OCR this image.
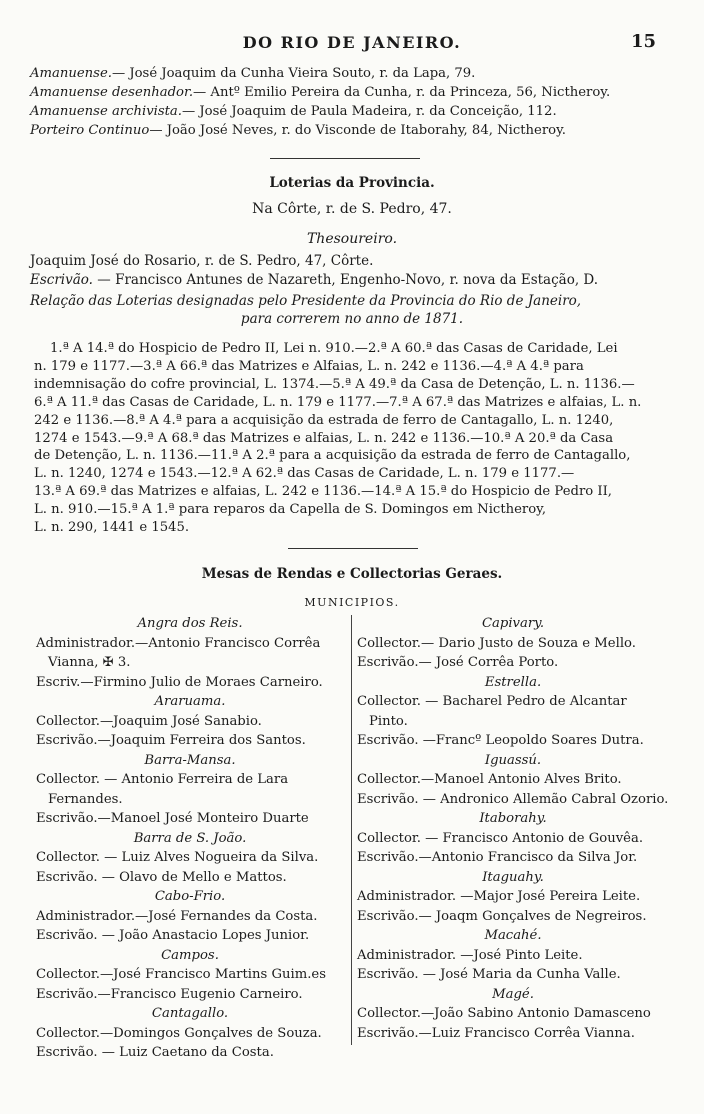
DO RIO DE JANEIRO.	15
Amanuense.— José Joaquim da Cunha Vieira Souto, r. da Lapa, 79.
Amanuense desenhador.— Antº Emilio Pereira da Cunha, r. da Princeza, 56, Nictheroy.
Amanuense archivista.— José Joaquim de Paula Madeira, r. da Conceição, 112.
Porteiro Continuo— João José Neves, r. do Visconde de Itaborahy, 84, Nictheroy.
Loterias da Provincia.
Na Côrte, r. de S. Pedro, 47.
Thesoureiro.
Joaquim José do Rosario, r. de S. Pedro, 47, Côrte.
Escrivão. — Francisco Antunes de Nazareth, Engenho-Novo, r. nova da Estação, D.
Relação das Loterias designadas pelo Presidente da Provincia do Rio de Janeiro,
para correrem no anno de 1871.
1.ª A 14.ª do Hospicio de Pedro II, Lei n. 910.—2.ª A 60.ª das Casas de Caridade, Lei
n. 179 e 1177.—3.ª A 66.ª das Matrizes e Alfaias, L. n. 242 e 1136.—4.ª A 4.ª para
indemnisação do cofre provincial, L. 1374.—5.ª A 49.ª da Casa de Detenção, L. n. 1136.—
6.ª A 11.ª das Casas de Caridade, L. n. 179 e 1177.—7.ª A 67.ª das Matrizes e alfaias, L. n.
242 e 1136.—8.ª A 4.ª para a acquisição da estrada de ferro de Cantagallo, L. n. 1240,
1274 e 1543.—9.ª A 68.ª das Matrizes e alfaias, L. n. 242 e 1136.—10.ª A 20.ª da Casa
de Detenção, L. n. 1136.—11.ª A 2.ª para a acquisição da estrada de ferro de Cantagallo,
L. n. 1240, 1274 e 1543.—12.ª A 62.ª das Casas de Caridade, L. n. 179 e 1177.—
13.ª A 69.ª das Matrizes e alfaias, L. 242 e 1136.—14.ª A 15.ª do Hospicio de Pedro II,
L. n. 910.—15.ª A 1.ª para reparos da Capella de S. Domingos em Nictheroy,
L. n. 290, 1441 e 1545.
Mesas de Rendas e Collectorias Geraes.
MUNICIPIOS.
Angra dos Reis.
Administrador.—Antonio Francisco Corrêa Vianna, ✠ 3.
Escriv.—Firmino Julio de Moraes Carneiro.
Araruama.
Collector.—Joaquim José Sanabio.
Escrivão.—Joaquim Ferreira dos Santos.
Barra-Mansa.
Collector. — Antonio Ferreira de Lara Fernandes.
Escrivão.—Manoel José Monteiro Duarte
Barra de S. João.
Collector. — Luiz Alves Nogueira da Silva.
Escrivão. — Olavo de Mello e Mattos.
Cabo-Frio.
Administrador.—José Fernandes da Costa.
Escrivão. — João Anastacio Lopes Junior.
Campos.
Collector.—José Francisco Martins Guim.es
Escrivão.—Francisco Eugenio Carneiro.
Cantagallo.
Collector.—Domingos Gonçalves de Souza.
Escrivão. — Luiz Caetano da Costa.
Capivary.
Collector.— Dario Justo de Souza e Mello.
Escrivão.— José Corrêa Porto.
Estrella.
Collector. — Bacharel Pedro de Alcantar Pinto.
Escrivão. —Francº Leopoldo Soares Dutra.
Iguassú.
Collector.—Manoel Antonio Alves Brito.
Escrivão. — Andronico Allemão Cabral Ozorio.
Itaborahy.
Collector. — Francisco Antonio de Gouvêa.
Escrivão.—Antonio Francisco da Silva Jor.
Itaguahy.
Administrador. —Major José Pereira Leite.
Escrivão.— Joaqm Gonçalves de Negreiros.
Macahé.
Administrador. —José Pinto Leite.
Escrivão. — José Maria da Cunha Valle.
Magé.
Collector.—João Sabino Antonio Damasceno
Escrivão.—Luiz Francisco Corrêa Vianna.
